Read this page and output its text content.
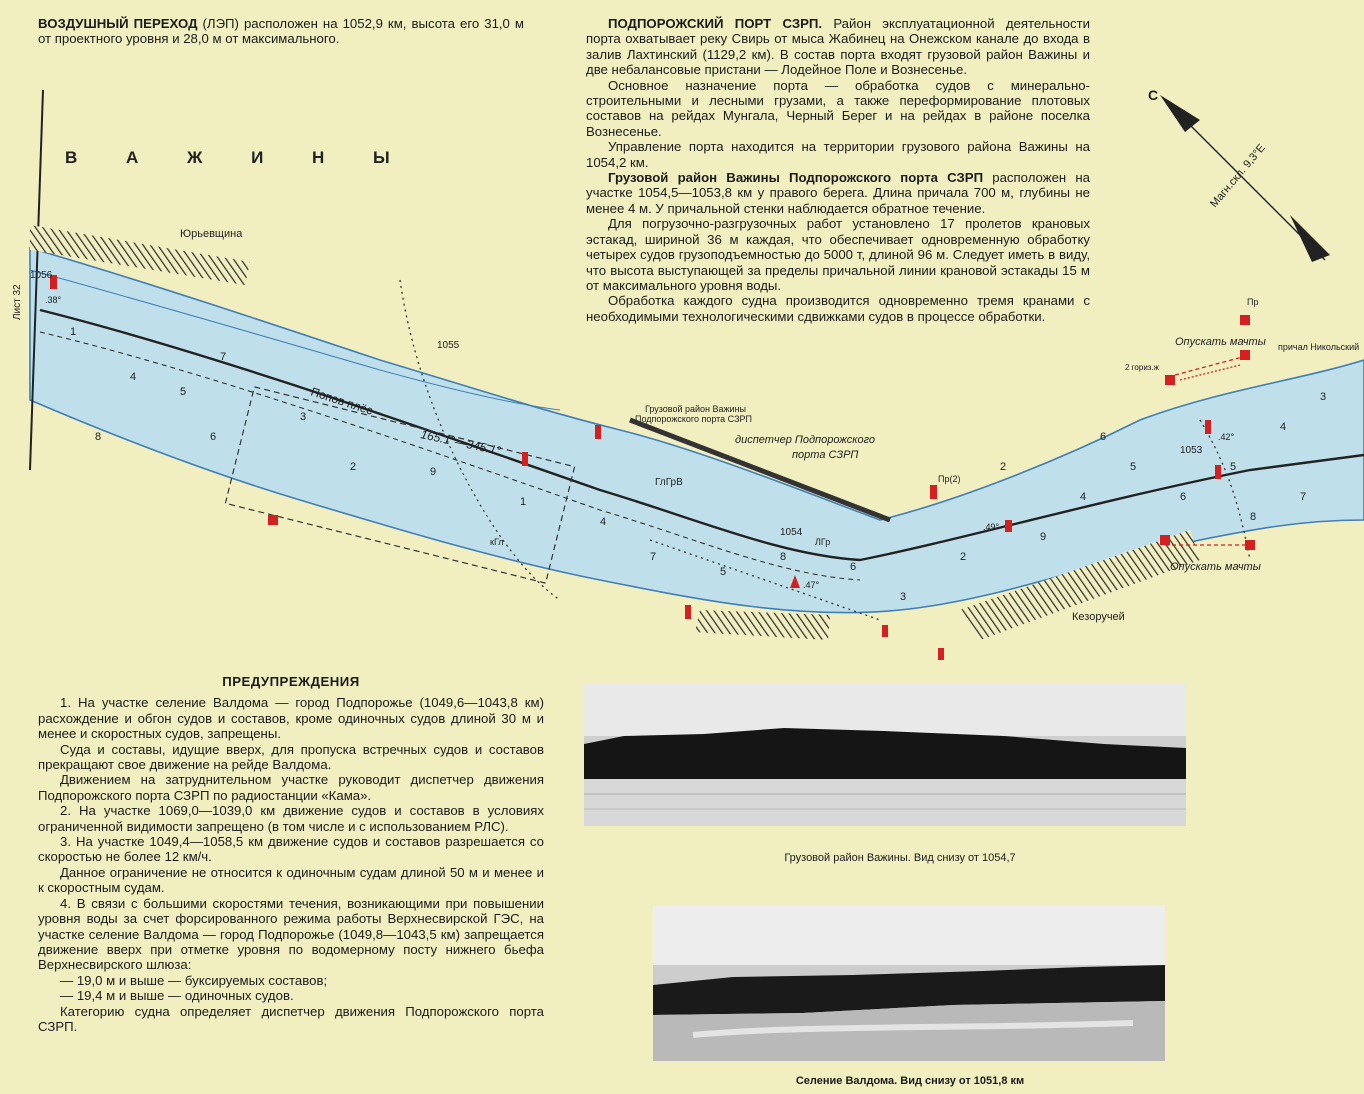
В А Ж И Н Ы
Юрьевщина
Лист 32
Попов плёс
165.1°—345.1°
1055
1054
1053
1056
Грузовой район Важины
Подпорожского порта СЗРП
диспетчер Подпорожского
порта СЗРП
причал Никольский
Кезоручей
Опускать мачты
Опускать мачты
Магн.скл. 9,3°Е
С
Пр
Пр(2)
2 гориз.ж
ГлГрВ
ЛГр
кГл
.38°
.47°
.49°
.42°
1
4
7
5
8	6
3
2	9
1
4
7
5
8
6
3
2
9
4
5
6
5
4
3
7
8
6
2
ВОЗДУШНЫЙ ПЕРЕХОД (ЛЭП) расположен на 1052,9 км, высота его 31,0 м от проектного уровня и 28,0 м от максимального.

ПОДПОРОЖСКИЙ ПОРТ СЗРП. Район эксплуатационной деятельности порта охватывает реку Свирь от мыса Жабинец на Онежском канале до входа в залив Лахтинский (1129,2 км). В состав порта входят грузовой район Важины и две небалансовые пристани — Лодейное Поле и Вознесенье.

Основное назначение порта — обработка судов с минерально-строительными и лесными грузами, а также переформирование плотовых составов на рейдах Мунгала, Черный Берег и на рейдах в районе поселка Вознесенье.

Управление порта находится на территории грузового района Важины на 1054,2 км.

Грузовой район Важины Подпорожского порта СЗРП расположен на участке 1054,5—1053,8 км у правого берега. Длина причала 700 м, глубины не менее 4 м. У причальной стенки наблюдается обратное течение.

Для погрузочно-разгрузочных работ установлено 17 пролетов крановых эстакад, шириной 36 м каждая, что обеспечивает одновременную обработку четырех судов грузоподъемностью до 5000 т, длиной 96 м. Следует иметь в виду, что высота выступающей за пределы причальной линии крановой эстакады 15 м от максимального уровня воды.

Обработка каждого судна производится одновременно тремя кранами с необходимыми технологическими сдвижками судов в процессе обработки.

ПРЕДУПРЕЖДЕНИЯ

1. На участке селение Валдома — город Подпорожье (1049,6—1043,8 км) расхождение и обгон судов и составов, кроме одиночных судов длиной 30 м и менее и скоростных судов, запрещены.

Суда и составы, идущие вверх, для пропуска встречных судов и составов прекращают свое движение на рейде Валдома.

Движением на затруднительном участке руководит диспетчер движения Подпорожского порта СЗРП по радиостанции «Кама».

2. На участке 1069,0—1039,0 км движение судов и составов в условиях ограниченной видимости запрещено (в том числе и с использованием РЛС).

3. На участке 1049,4—1058,5 км движение судов и составов разрешается со скоростью не более 12 км/ч.

Данное ограничение не относится к одиночным судам длиной 50 м и менее и к скоростным судам.

4. В связи с большими скоростями течения, возникающими при повышении уровня воды за счет форсированного режима работы Верхнесвирской ГЭС, на участке селение Валдома — город Подпорожье (1049,8—1043,5 км) запрещается движение вверх при отметке уровня по водомерному посту нижнего бьефа Верхнесвирского шлюза:

— 19,0 м и выше — буксируемых составов;

— 19,4 м и выше — одиночных судов.

Категорию судна определяет диспетчер движения Подпорожского порта СЗРП.

Грузовой район Важины. Вид снизу от 1054,7
Селение Валдома. Вид снизу от 1051,8 км
